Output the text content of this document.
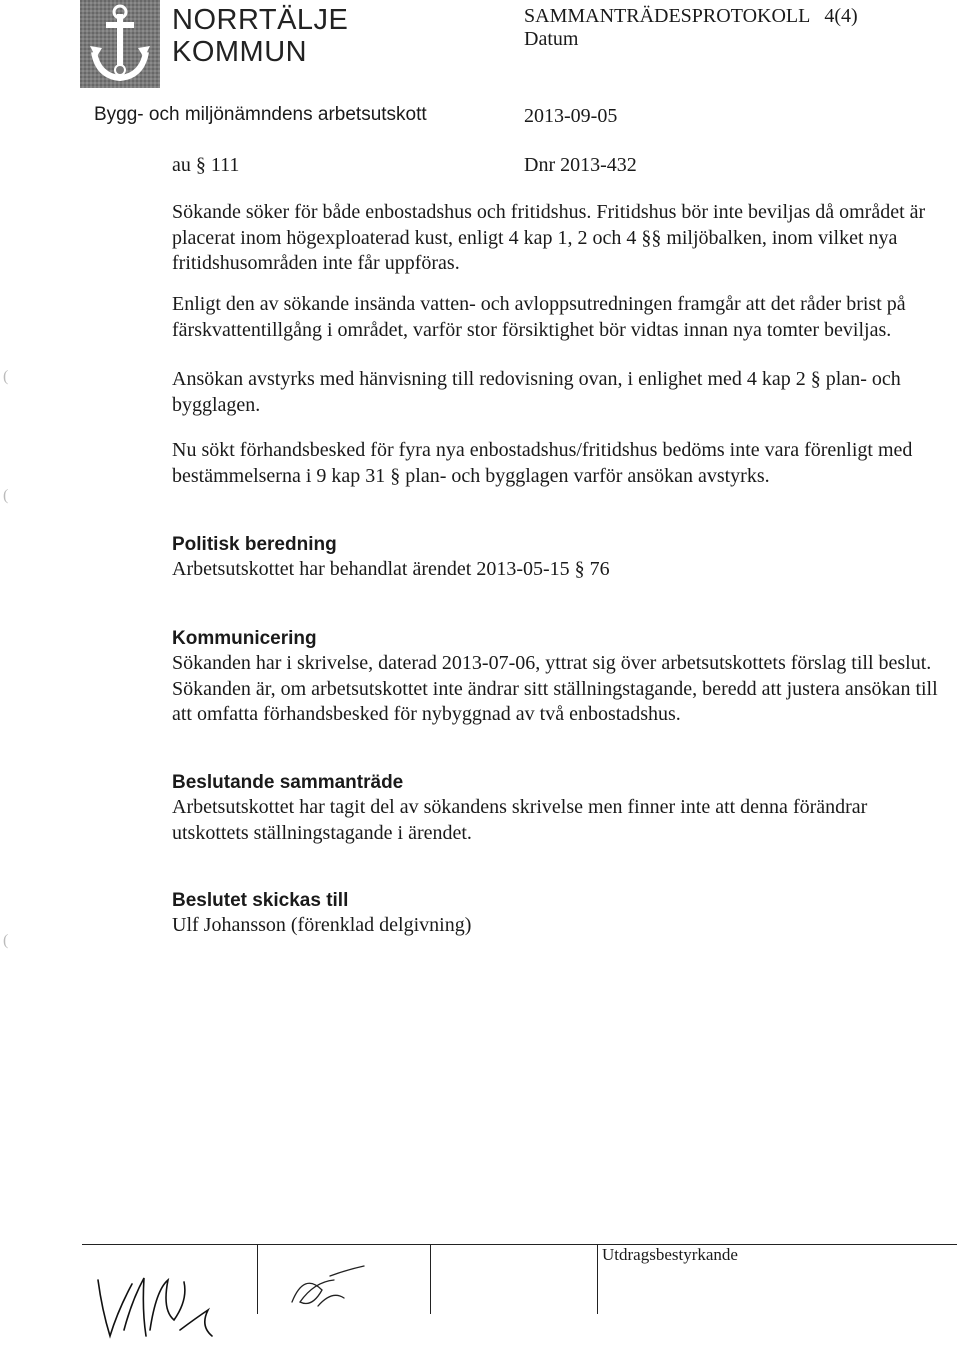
NORRTÄLJE
KOMMUN
SAMMANTRÄDESPROTOKOLL 4(4)
Datum
Bygg- och miljönämndens arbetsutskott	2013-09-05
au § 111	Dnr 2013-432

Sökande söker för både enbostadshus och fritidshus. Fritidshus bör inte beviljas då området är placerat inom högexploaterad kust, enligt 4 kap 1, 2 och 4 §§ miljöbalken, inom vilket nya fritidshusområden inte får uppföras.

Enligt den av sökande insända vatten- och avloppsutredningen framgår att det råder brist på färskvattentillgång i området, varför stor försiktighet bör vidtas innan nya tomter beviljas.

Ansökan avstyrks med hänvisning till redovisning ovan, i enlighet med 4 kap 2 § plan- och bygglagen.

Nu sökt förhandsbesked för fyra nya enbostadshus/fritidshus bedöms inte vara förenligt med bestämmelserna i 9 kap 31 § plan- och bygglagen varför ansökan avstyrks.

Politisk beredning
Arbetsutskottet har behandlat ärendet 2013-05-15 § 76
Kommunicering
Sökanden har i skrivelse, daterad 2013-07-06, yttrat sig över arbetsutskottets förslag till beslut. Sökanden är, om arbetsutskottet inte ändrar sitt ställningstagande, beredd att justera ansökan till att omfatta förhandsbesked för nybyggnad av två enbostadshus.
Beslutande sammanträde
Arbetsutskottet har tagit del av sökandens skrivelse men finner inte att denna förändrar utskottets ställningstagande i ärendet.
Beslutet skickas till
Ulf Johansson (förenklad delgivning)
(
(
(
Utdragsbestyrkande
